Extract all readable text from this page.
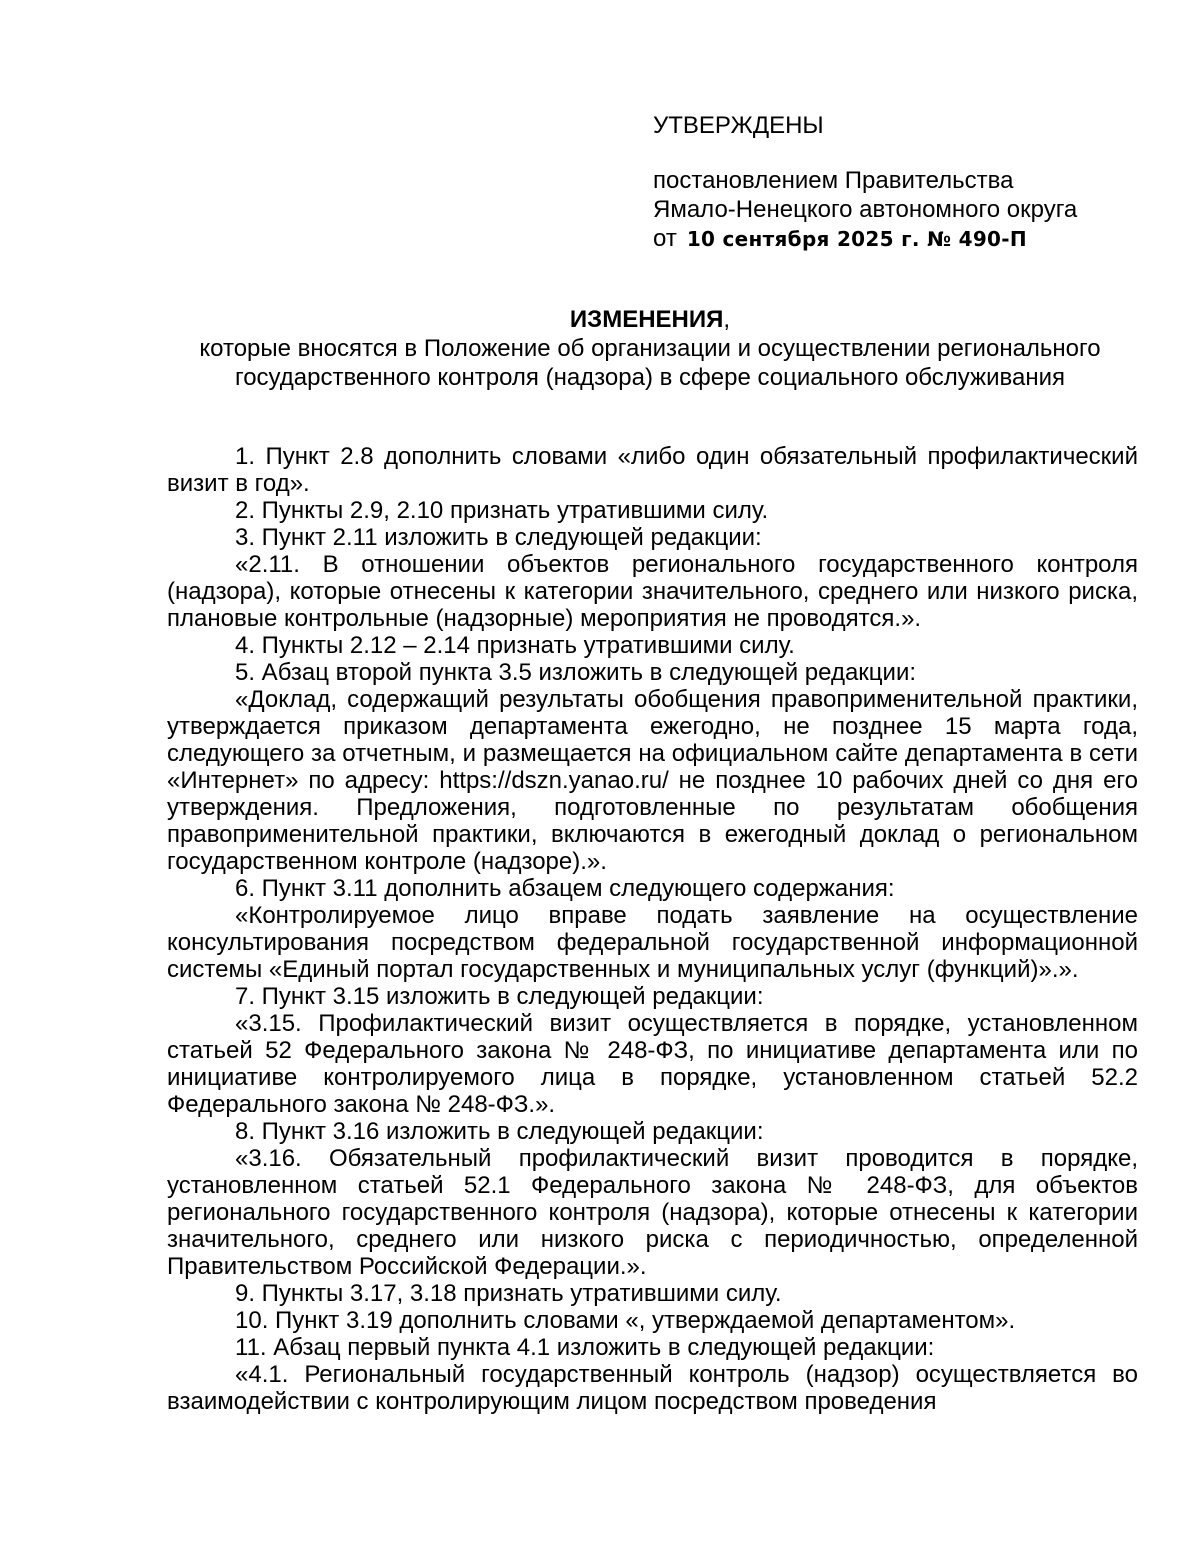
УТВЕРЖДЕНЫ
постановлением Правительства
Ямало-Ненецкого автономного округа
от 10 сентября 2025 г. № 490-П
ИЗМЕНЕНИЯ,
которые вносятся в Положение об организации и осуществлении регионального
государственного контроля (надзора) в сфере социального обслуживания

1. Пункт 2.8 дополнить словами «либо один обязательный профилактический визит в год».

2. Пункты 2.9, 2.10 признать утратившими силу.

3. Пункт 2.11 изложить в следующей редакции:

«2.11. В отношении объектов регионального государственного контроля (надзора), которые отнесены к категории значительного, среднего или низкого риска, плановые контрольные (надзорные) мероприятия не проводятся.».

4. Пункты 2.12 – 2.14 признать утратившими силу.

5. Абзац второй пункта 3.5 изложить в следующей редакции:

«Доклад, содержащий результаты обобщения правоприменительной практики, утверждается приказом департамента ежегодно, не позднее 15 марта года, следующего за отчетным, и размещается на официальном сайте департамента в сети «Интернет» по адресу: https://dszn.yanao.ru/ не позднее 10 рабочих дней со дня его утверждения. Предложения, подготовленные по результатам обобщения правоприменительной практики, включаются в ежегодный доклад о региональном государственном контроле (надзоре).».

6. Пункт 3.11 дополнить абзацем следующего содержания:

«Контролируемое лицо вправе подать заявление на осуществление консультирования посредством федеральной государственной информационной системы «Единый портал государственных и муниципальных услуг (функций)».».

7. Пункт 3.15 изложить в следующей редакции:

«3.15. Профилактический визит осуществляется в порядке, установленном статьей 52 Федерального закона № 248-ФЗ, по инициативе департамента или по инициативе контролируемого лица в порядке, установленном статьей 52.2 Федерального закона № 248-ФЗ.».

8. Пункт 3.16 изложить в следующей редакции:

«3.16. Обязательный профилактический визит проводится в порядке, установленном статьей 52.1 Федерального закона № 248-ФЗ, для объектов регионального государственного контроля (надзора), которые отнесены к категории значительного, среднего или низкого риска с периодичностью, определенной Правительством Российской Федерации.».

9. Пункты 3.17, 3.18 признать утратившими силу.

10. Пункт 3.19 дополнить словами «, утверждаемой департаментом».

11. Абзац первый пункта 4.1 изложить в следующей редакции:

«4.1. Региональный государственный контроль (надзор) осуществляется во взаимодействии с контролирующим лицом посредством проведения
